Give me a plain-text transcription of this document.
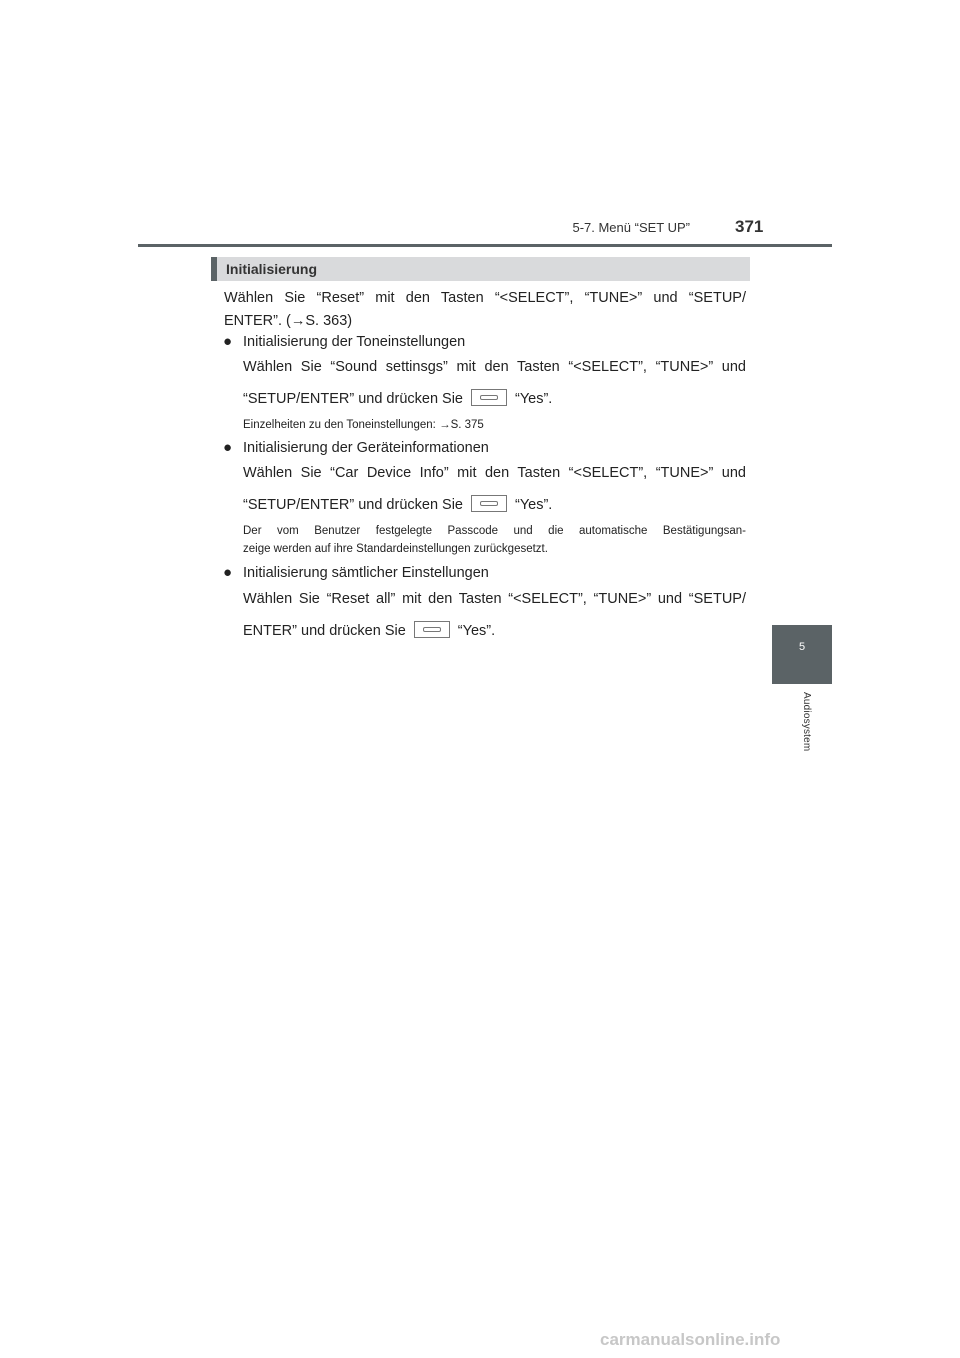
5-7. Menü “SET UP”	371
5
Audiosystem
Initialisierung
Wählen Sie “Reset” mit den Tasten “<SELECT”, “TUNE>” und “SETUP/
ENTER”. (→S. 363)
● Initialisierung der Toneinstellungen
Wählen Sie “Sound settinsgs” mit den Tasten “<SELECT”, “TUNE>” und
“SETUP/ENTER” und drücken Sie	“Yes”.
Einzelheiten zu den Toneinstellungen: →S. 375
● Initialisierung der Geräteinformationen
Wählen Sie “Car Device Info” mit den Tasten “<SELECT”, “TUNE>” und
“SETUP/ENTER” und drücken Sie	“Yes”.
Der vom Benutzer festgelegte Passcode und die automatische Bestätigungsan-
zeige werden auf ihre Standardeinstellungen zurückgesetzt.
● Initialisierung sämtlicher Einstellungen
Wählen Sie “Reset all” mit den Tasten “<SELECT”, “TUNE>” und “SETUP/
ENTER” und drücken Sie	“Yes”.
carmanualsonline.info
